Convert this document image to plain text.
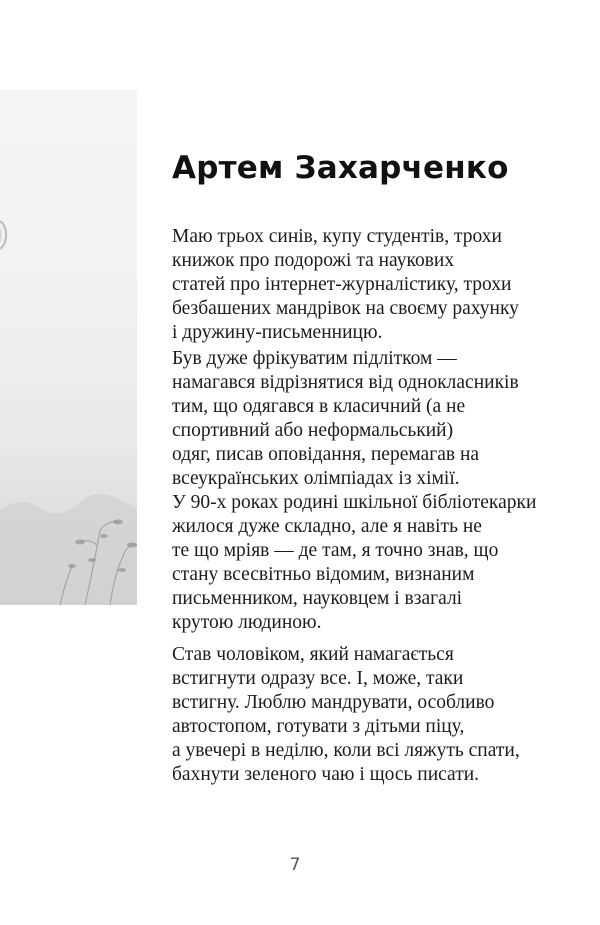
Артем Захарченко

Маю трьох синів, купу студентів, трохи
книжок про подорожі та наукових
статей про інтернет-журналістику, трохи
безбашених мандрівок на своєму рахунку
і дружину-письменницю.

Був дуже фрікуватим підлітком —
намагався відрізнятися від однокласників
тим, що одягався в класичний (а не
спортивний або неформальський)
одяг, писав оповідання, перемагав на
всеукраїнських олімпіадах із хімії.
У 90-х роках родині шкільної бібліотекарки
жилося дуже складно, але я навіть не
те що мріяв — де там, я точно знав, що
стану всесвітньо відомим, визнаним
письменником, науковцем і взагалі
крутою людиною.

Став чоловіком, який намагається
встигнути одразу все. І, може, таки
встигну. Люблю мандрувати, особливо
автостопом, готувати з дітьми піцу,
а увечері в неділю, коли всі ляжуть спати,
бахнути зеленого чаю і щось писати.

7
